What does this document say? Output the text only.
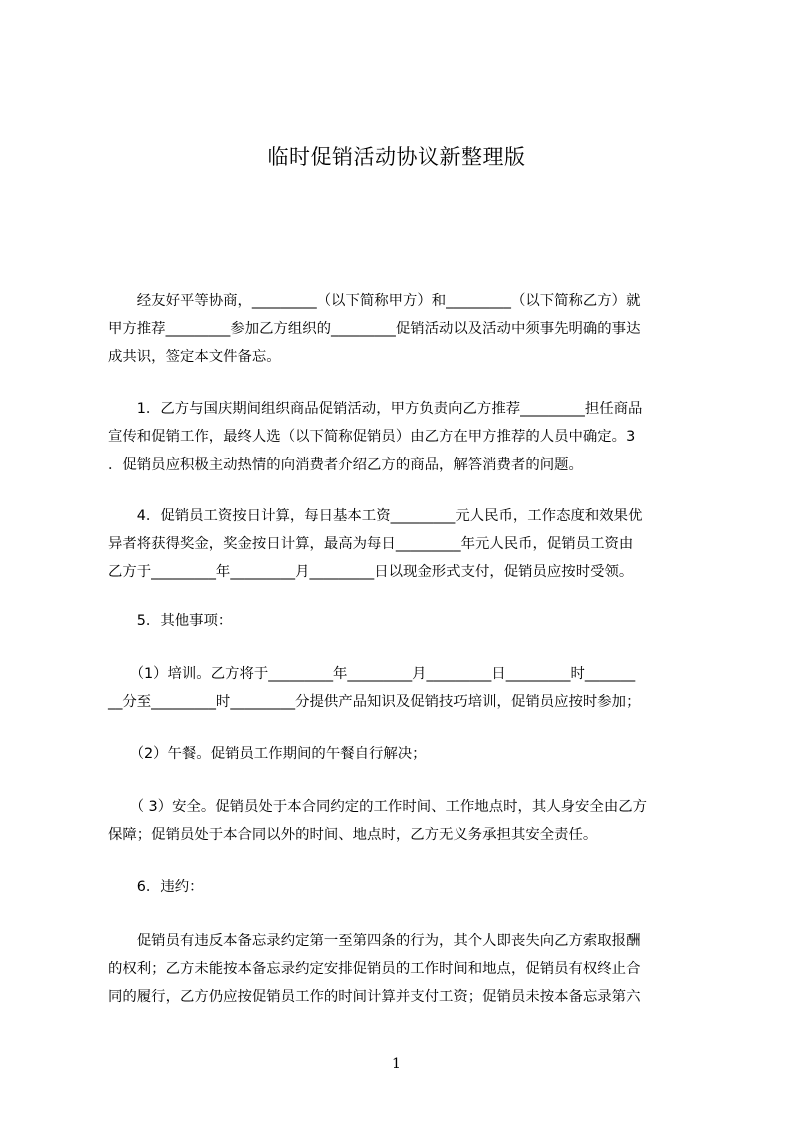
临时促销活动协议新整理版
　　经友好平等协商，_________（以下简称甲方）和_________（以下简称乙方）就
甲方推荐_________参加乙方组织的_________促销活动以及活动中须事先明确的事达
成共识，签定本文件备忘。
　　1．乙方与国庆期间组织商品促销活动，甲方负责向乙方推荐_________担任商品
宣传和促销工作，最终人选（以下简称促销员）由乙方在甲方推荐的人员中确定。3
．促销员应积极主动热情的向消费者介绍乙方的商品，解答消费者的问题。
　　4．促销员工资按日计算，每日基本工资_________元人民币，工作态度和效果优
异者将获得奖金，奖金按日计算，最高为每日_________年元人民币，促销员工资由
乙方于_________年_________月_________日以现金形式支付，促销员应按时受领。
　　5．其他事项：
　　（1）培训。乙方将于_________年_________月_________日_________时_______
__分至_________时_________分提供产品知识及促销技巧培训，促销员应按时参加；
　　（2）午餐。促销员工作期间的午餐自行解决；
　　（ 3）安全。促销员处于本合同约定的工作时间、工作地点时，其人身安全由乙方
保障；促销员处于本合同以外的时间、地点时，乙方无义务承担其安全责任。
　　6．违约：
　　促销员有违反本备忘录约定第一至第四条的行为，其个人即丧失向乙方索取报酬
的权利；乙方未能按本备忘录约定安排促销员的工作时间和地点，促销员有权终止合
同的履行，乙方仍应按促销员工作的时间计算并支付工资；促销员未按本备忘录第六
1
